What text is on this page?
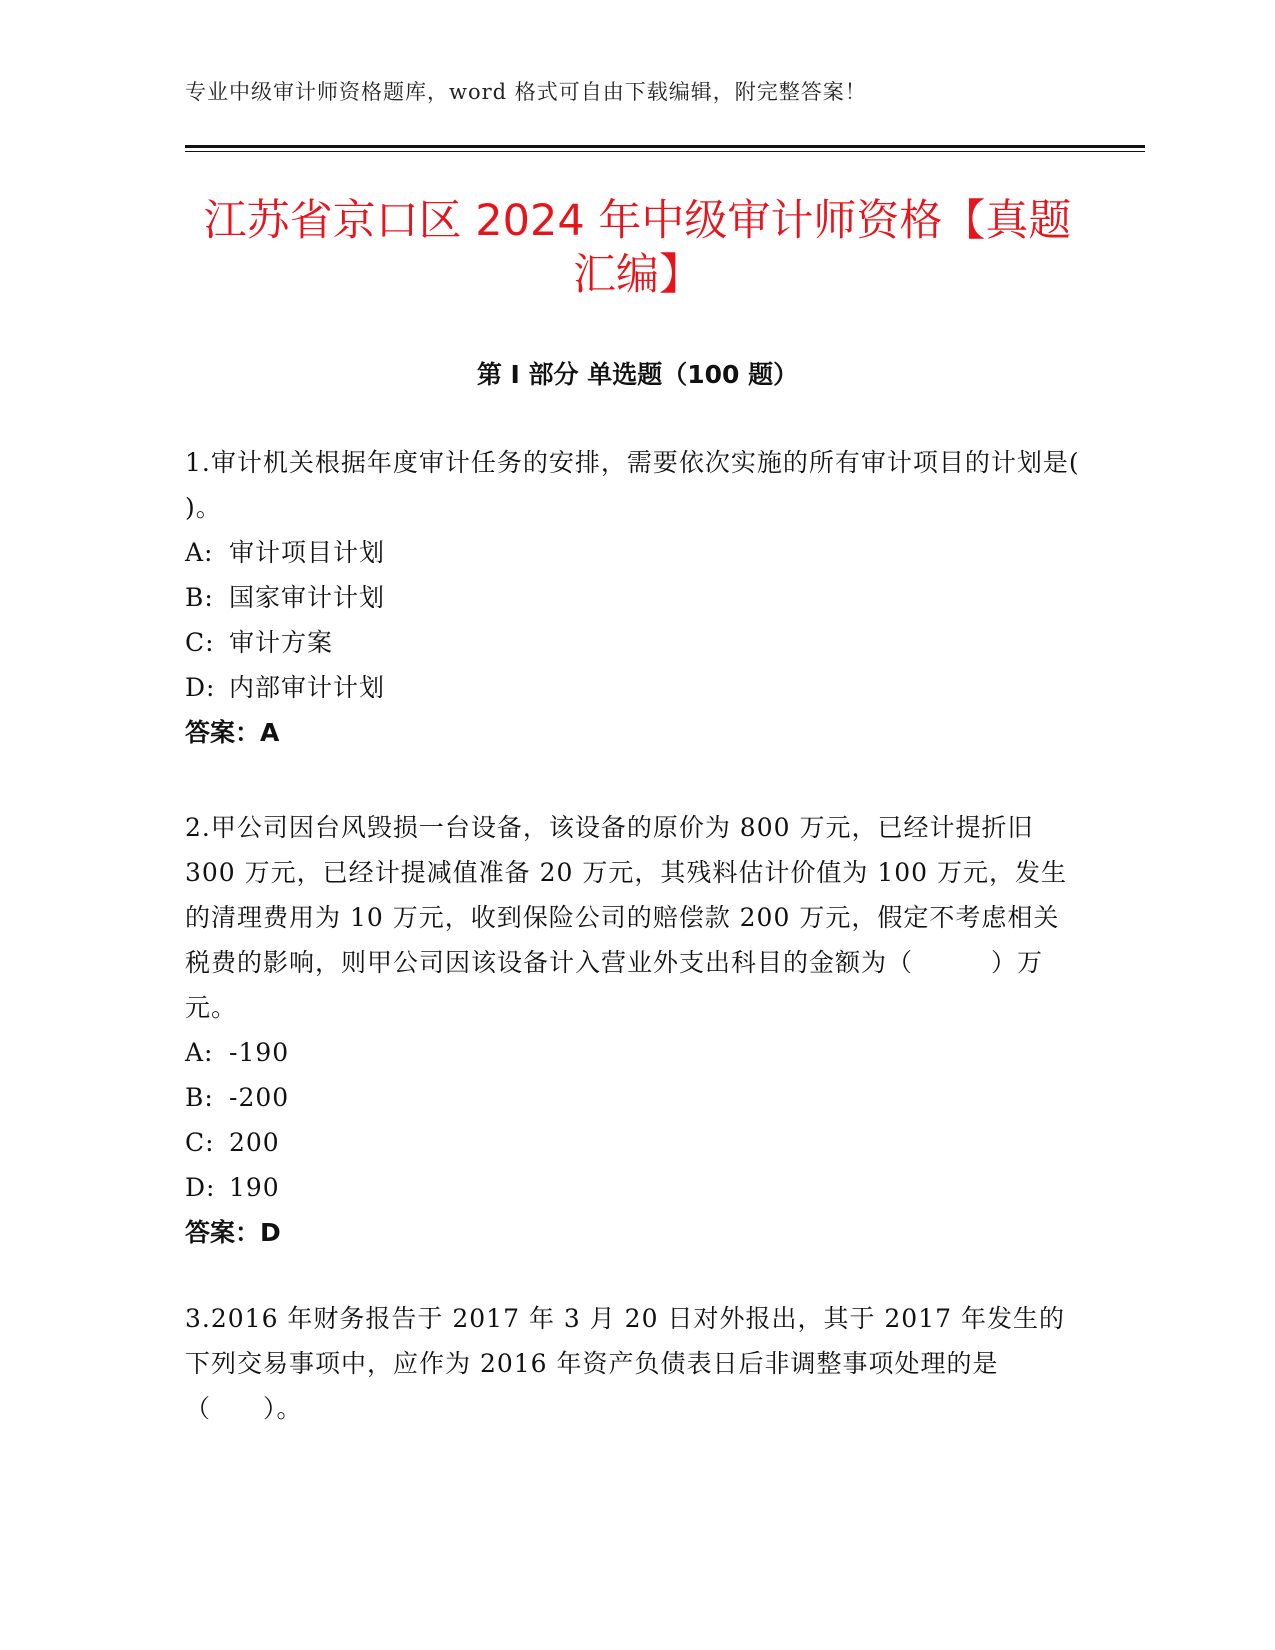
专业中级审计师资格题库，word 格式可自由下载编辑，附完整答案！
江苏省京口区 2024 年中级审计师资格【真题
汇编】
第 I 部分 单选题（100 题）

1.审计机关根据年度审计任务的安排，需要依次实施的所有审计项目的计划是( )。

A: 审计项目计划
B: 国家审计计划
C: 审计方案
D: 内部审计计划
答案：A

2.甲公司因台风毁损一台设备，该设备的原价为 800 万元，已经计提折旧 300 万元，已经计提减值准备 20 万元，其残料估计价值为 100 万元，发生的清理费用为 10 万元，收到保险公司的赔偿款 200 万元，假定不考虑相关税费的影响，则甲公司因该设备计入营业外支出科目的金额为（　　　）万元。

A: -190
B: -200
C: 200
D: 190
答案：D

3.2016 年财务报告于 2017 年 3 月 20 日对外报出，其于 2017 年发生的下列交易事项中，应作为 2016 年资产负债表日后非调整事项处理的是（　　）。
